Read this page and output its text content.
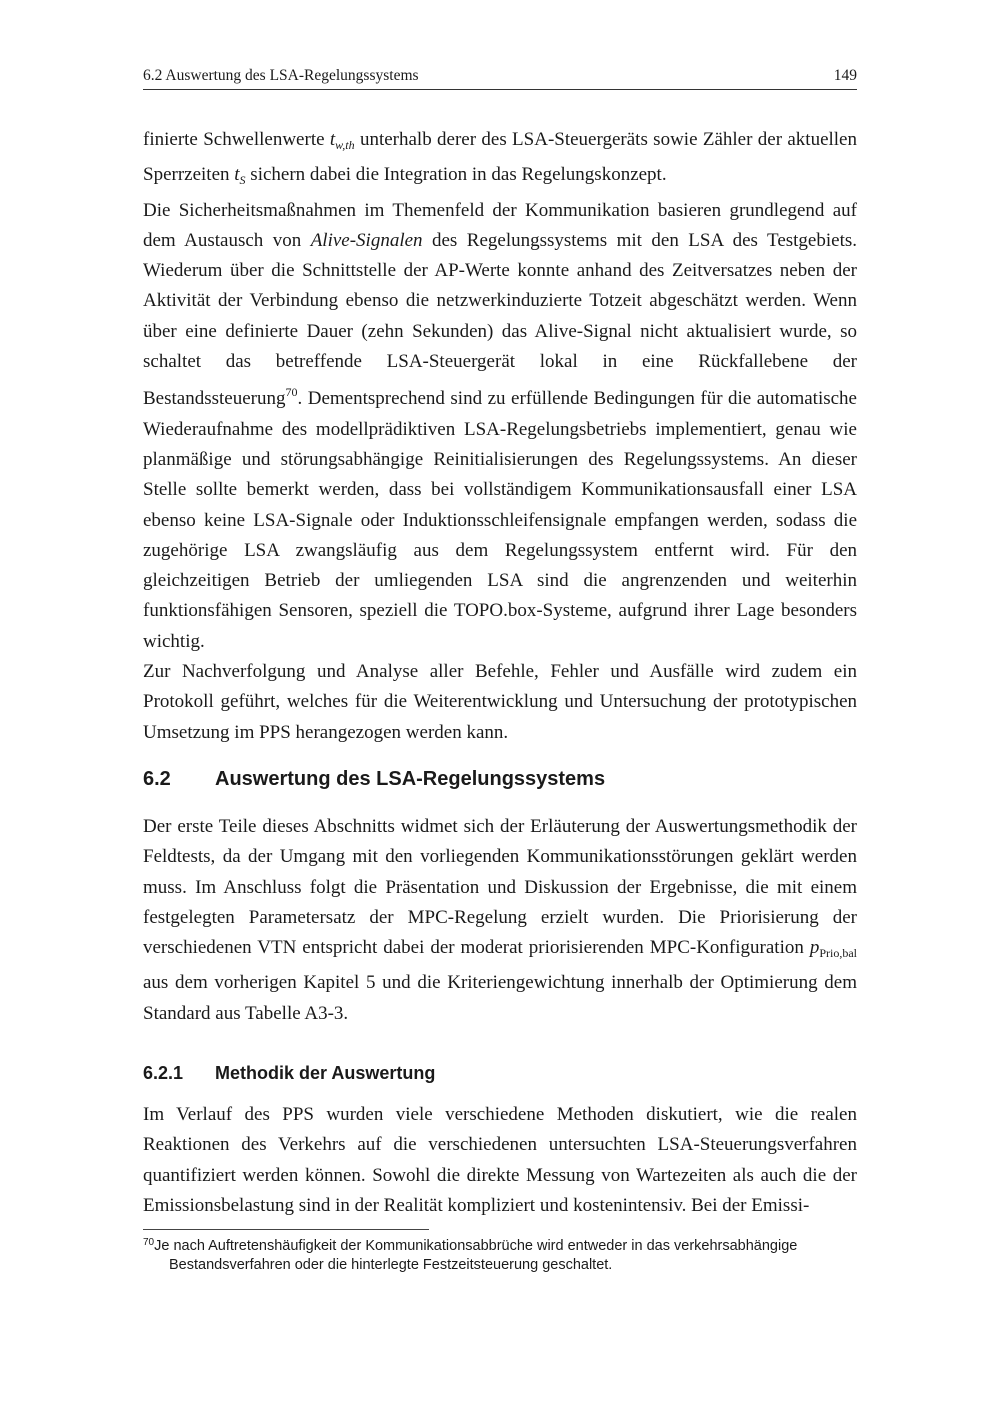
6.2 Auswertung des LSA-Regelungssystems	149

finierte Schwellenwerte $t_{w,th}$ unterhalb derer des LSA-Steuergeräts sowie Zähler der aktuellen Sperrzeiten $t_S$ sichern dabei die Integration in das Regelungskonzept.

Die Sicherheitsmaßnahmen im Themenfeld der Kommunikation basieren grundlegend auf dem Austausch von Alive-Signalen des Regelungssystems mit den LSA des Testgebiets. Wiederum über die Schnittstelle der AP-Werte konnte anhand des Zeitversatzes neben der Aktivität der Verbindung ebenso die netzwerkinduzierte Totzeit abgeschätzt werden. Wenn über eine definierte Dauer (zehn Sekunden) das Alive-Signal nicht aktualisiert wurde, so schaltet das betreffende LSA-Steuergerät lokal in eine Rückfallebene der Bestandssteuerung$^{70}$. Dementsprechend sind zu erfüllende Bedingungen für die automatische Wiederaufnahme des modellprädiktiven LSA-Regelungsbetriebs implementiert, genau wie planmäßige und störungsabhängige Reinitialisierungen des Regelungssystems. An dieser Stelle sollte bemerkt werden, dass bei vollständigem Kommunikationsausfall einer LSA ebenso keine LSA-Signale oder Induktionsschleifensignale empfangen werden, sodass die zugehörige LSA zwangsläufig aus dem Regelungssystem entfernt wird. Für den gleichzeitigen Betrieb der umliegenden LSA sind die angrenzenden und weiterhin funktionsfähigen Sensoren, speziell die TOPO.box-Systeme, aufgrund ihrer Lage besonders wichtig.

Zur Nachverfolgung und Analyse aller Befehle, Fehler und Ausfälle wird zudem ein Protokoll geführt, welches für die Weiterentwicklung und Untersuchung der prototypischen Umsetzung im PPS herangezogen werden kann.

6.2 Auswertung des LSA-Regelungssystems

Der erste Teile dieses Abschnitts widmet sich der Erläuterung der Auswertungsmethodik der Feldtests, da der Umgang mit den vorliegenden Kommunikationsstörungen geklärt werden muss. Im Anschluss folgt die Präsentation und Diskussion der Ergebnisse, die mit einem festgelegten Parametersatz der MPC-Regelung erzielt wurden. Die Priorisierung der verschiedenen VTN entspricht dabei der moderat priorisierenden MPC-Konfiguration $p_{Prio,bal}$ aus dem vorherigen Kapitel 5 und die Kriteriengewichtung innerhalb der Optimierung dem Standard aus Tabelle A3-3.

6.2.1 Methodik der Auswertung

Im Verlauf des PPS wurden viele verschiedene Methoden diskutiert, wie die realen Reaktionen des Verkehrs auf die verschiedenen untersuchten LSA-Steuerungsverfahren quantifiziert werden können. Sowohl die direkte Messung von Wartezeiten als auch die der Emissionsbelastung sind in der Realität kompliziert und kostenintensiv. Bei der Emissi-

$^{70}$Je nach Auftretenshäufigkeit der Kommunikationsabbrüche wird entweder in das verkehrsabhängige
Bestandsverfahren oder die hinterlegte Festzeitsteuerung geschaltet.
